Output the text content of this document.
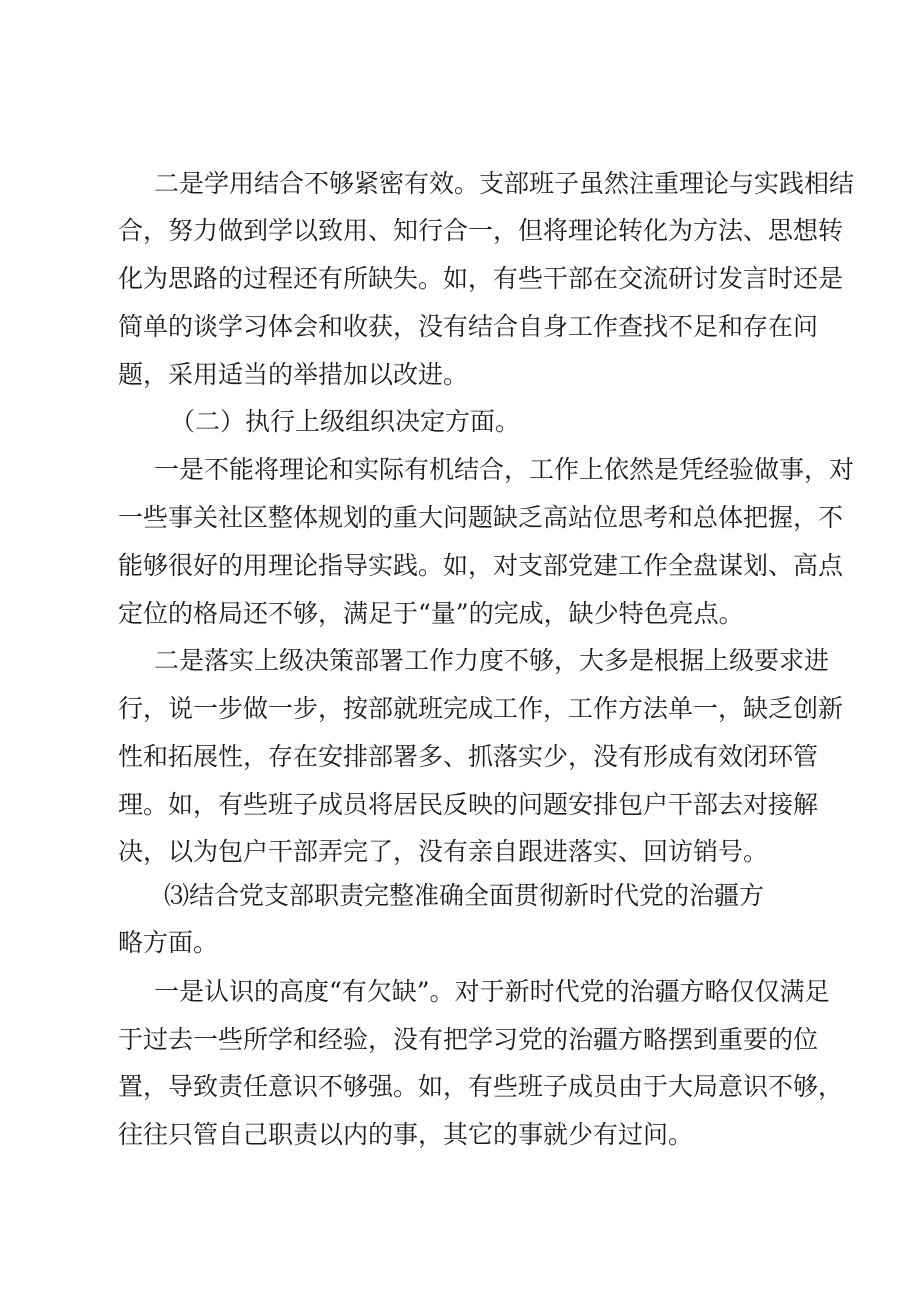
二是学用结合不够紧密有效。支部班子虽然注重理论与实践相结

合，努力做到学以致用、知行合一，但将理论转化为方法、思想转

化为思路的过程还有所缺失。如，有些干部在交流研讨发言时还是

简单的谈学习体会和收获，没有结合自身工作查找不足和存在问

题，采用适当的举措加以改进。

（二）执行上级组织决定方面。

一是不能将理论和实际有机结合，工作上依然是凭经验做事，对

一些事关社区整体规划的重大问题缺乏高站位思考和总体把握，不

能够很好的用理论指导实践。如，对支部党建工作全盘谋划、高点

定位的格局还不够，满足于“量”的完成，缺少特色亮点。

二是落实上级决策部署工作力度不够，大多是根据上级要求进

行，说一步做一步，按部就班完成工作，工作方法单一，缺乏创新

性和拓展性，存在安排部署多、抓落实少，没有形成有效闭环管

理。如，有些班子成员将居民反映的问题安排包户干部去对接解

决，以为包户干部弄完了，没有亲自跟进落实、回访销号。

⑶结合党支部职责完整准确全面贯彻新时代党的治疆方

略方面。

一是认识的高度“有欠缺”。对于新时代党的治疆方略仅仅满足

于过去一些所学和经验，没有把学习党的治疆方略摆到重要的位

置，导致责任意识不够强。如，有些班子成员由于大局意识不够，

往往只管自己职责以内的事，其它的事就少有过问。
